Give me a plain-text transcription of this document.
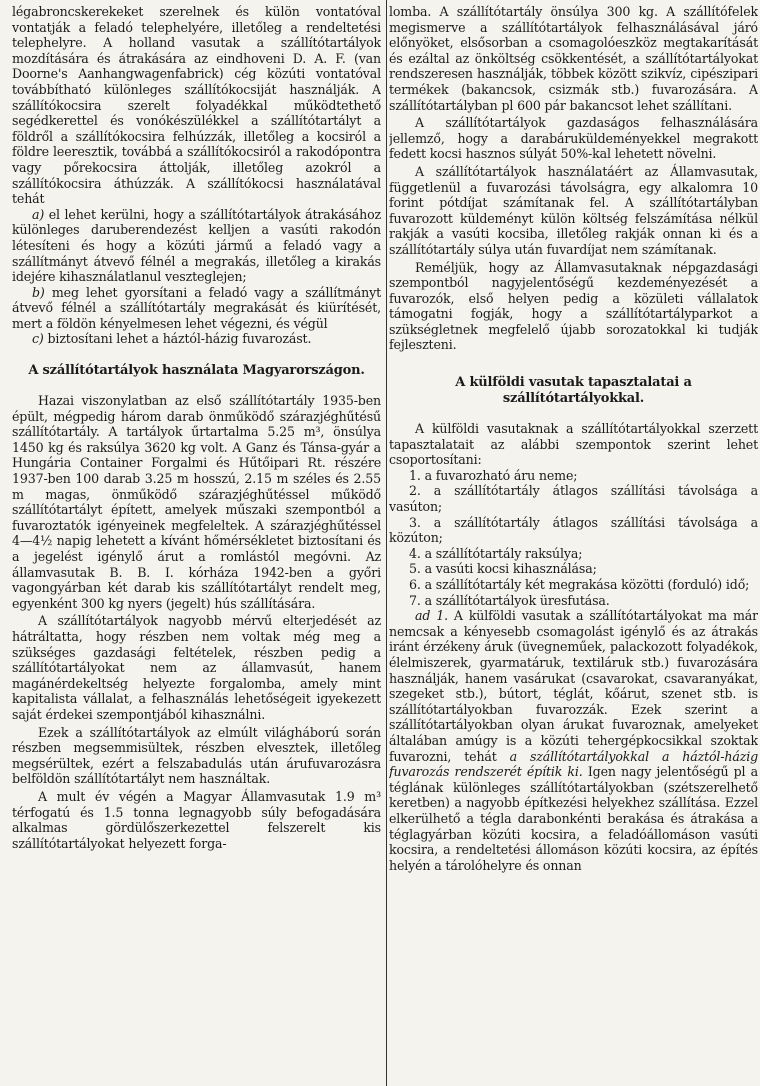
légabroncskerekeket szerelnek és külön vontatóval vontatják a feladó telephelyére, illetőleg a rendeltetési telephelyre. A holland vasutak a szállítótartályok mozdítására és átrakására az eindhoveni D. A. F. (van Doorne's Aanhangwagenfabrick) cég közúti vontatóval továbbítható különleges szállítókocsiját használják. A szállítókocsira szerelt folyadékkal működtethető segédkerettel és vonókészülékkel a szállítótartályt a földről a szállítókocsira felhúzzák, illetőleg a kocsiról a földre leeresztik, továbbá a szállítókocsiról a rakodópontra vagy pőrekocsira áttolják, illetőleg azokról a szállítókocsira áthúzzák. A szállítókocsi használatával tehát

a) el lehet kerülni, hogy a szállítótartályok átrakásához különleges daruberendezést kelljen a vasúti rakodón létesíteni és hogy a közúti jármű a feladó vagy a szállítmányt átvevő félnél a megrakás, illetőleg a kirakás idejére kihasználatlanul veszteglejen;

b) meg lehet gyorsítani a feladó vagy a szállítmányt átvevő félnél a szállítótartály megrakását és kiürítését, mert a földön kényelmesen lehet végezni, és végül

c) biztosítani lehet a háztól-házig fuvarozást.

A szállítótartályok használata Magyarországon.

Hazai viszonylatban az első szállítótartály 1935-ben épült, mégpedig három darab önműködő szárazjéghűtésű szállítótartály. A tartályok űrtartalma 5.25 m³, önsúlya 1450 kg és raksúlya 3620 kg volt. A Ganz és Tánsa-gyár a Hungária Container Forgalmi és Hűtőipari Rt. részére 1937-ben 100 darab 3.25 m hosszú, 2.15 m széles és 2.55 m magas, önműködő szárazjéghűtéssel működő szállítótartályt épített, amelyek műszaki szempontból a fuvaroztatók igényeinek megfeleltek. A szárazjéghűtéssel 4—4½ napig lehetett a kívánt hőmérsékletet biztosítani és a jegelést igénylő árut a romlástól megóvni. Az államvasutak B. B. I. kórháza 1942-ben a győri vagongyárban két darab kis szállítótartályt rendelt meg, egyenként 300 kg nyers (jegelt) hús szállítására.

A szállítótartályok nagyobb mérvű elterjedését az hátráltatta, hogy részben nem voltak még meg a szükséges gazdasági feltételek, részben pedig a szállítótartályokat nem az államvasút, hanem magánérdekeltség helyezte forgalomba, amely mint kapitalista vállalat, a felhasználás lehetőségeit igyekezett saját érdekei szempontjából kihasználni.

Ezek a szállítótartályok az elmúlt világháború során részben megsemmisültek, részben elvesztek, illetőleg megsérültek, ezért a felszabadulás után árufuvarozásra belföldön szállítótartályt nem használtak.

A mult év végén a Magyar Államvasutak 1.9 m³ térfogatú és 1.5 tonna legnagyobb súly befogadására alkalmas gördülőszerkezettel felszerelt kis szállítótartályokat helyezett forga-

lomba. A szállítótartály önsúlya 300 kg. A szállítófelek megismerve a szállítótartályok felhasználásával járó előnyöket, elsősorban a csomagolóeszköz megtakarítását és ezáltal az önköltség csökkentését, a szállítótartályokat rendszeresen használják, többek között szikvíz, cipészipari termékek (bakancsok, csizmák stb.) fuvarozására. A szállítótartályban pl 600 pár bakancsot lehet szállítani.

A szállítótartályok gazdaságos felhasználására jellemző, hogy a darabáruküldeményekkel megrakott fedett kocsi hasznos súlyát 50%-kal lehetett növelni.

A szállítótartályok használatáért az Államvasutak, függetlenül a fuvarozási távolságra, egy alkalomra 10 forint pótdíjat számítanak fel. A szállítótartályban fuvarozott küldeményt külön költség felszámítása nélkül rakják a vasúti kocsiba, illetőleg rakják onnan ki és a szállítótartály súlya után fuvardíjat nem számítanak.

Reméljük, hogy az Államvasutaknak népgazdasági szempontból nagyjelentőségű kezdeményezését a fuvarozók, első helyen pedig a közületi vállalatok támogatni fogják, hogy a szállítótartályparkot a szükségletnek megfelelő újabb sorozatokkal ki tudják fejleszteni.

A külföldi vasutak tapasztalatai a szállítótartályokkal.

A külföldi vasutaknak a szállítótartályokkal szerzett tapasztalatait az alábbi szempontok szerint lehet csoportosítani:

1. a fuvarozható áru neme;

2. a szállítótartály átlagos szállítási távolsága a vasúton;

3. a szállítótartály átlagos szállítási távolsága a közúton;

4. a szállítótartály raksúlya;

5. a vasúti kocsi kihasználása;

6. a szállítótartály két megrakása közötti (forduló) idő;

7. a szállítótartályok üresfutása.

ad 1. A külföldi vasutak a szállítótartályokat ma már nemcsak a kényesebb csomagolást igénylő és az átrakás iránt érzékeny áruk (üvegneműek, palackozott folyadékok, élelmiszerek, gyarmatáruk, textiláruk stb.) fuvarozására használják, hanem vasárukat (csavarokat, csavaranyákat, szegeket stb.), bútort, téglát, kőárut, szenet stb. is szállítótartályokban fuvarozzák. Ezek szerint a szállítótartályokban olyan árukat fuvaroznak, amelyeket általában amúgy is a közúti tehergépkocsikkal szoktak fuvarozni, tehát a szállítótartályokkal a háztól-házig fuvarozás rendszerét építik ki. Igen nagy jelentőségű pl a téglának különleges szállítótartályokban (szétszerelhető keretben) a nagyobb építkezési helyekhez szállítása. Ezzel elkerülhető a tégla darabonkénti berakása és átrakása a téglagyárban közúti kocsira, a feladóállomáson vasúti kocsira, a rendeltetési állomáson közúti kocsira, az építés helyén a tárolóhelyre és onnan
